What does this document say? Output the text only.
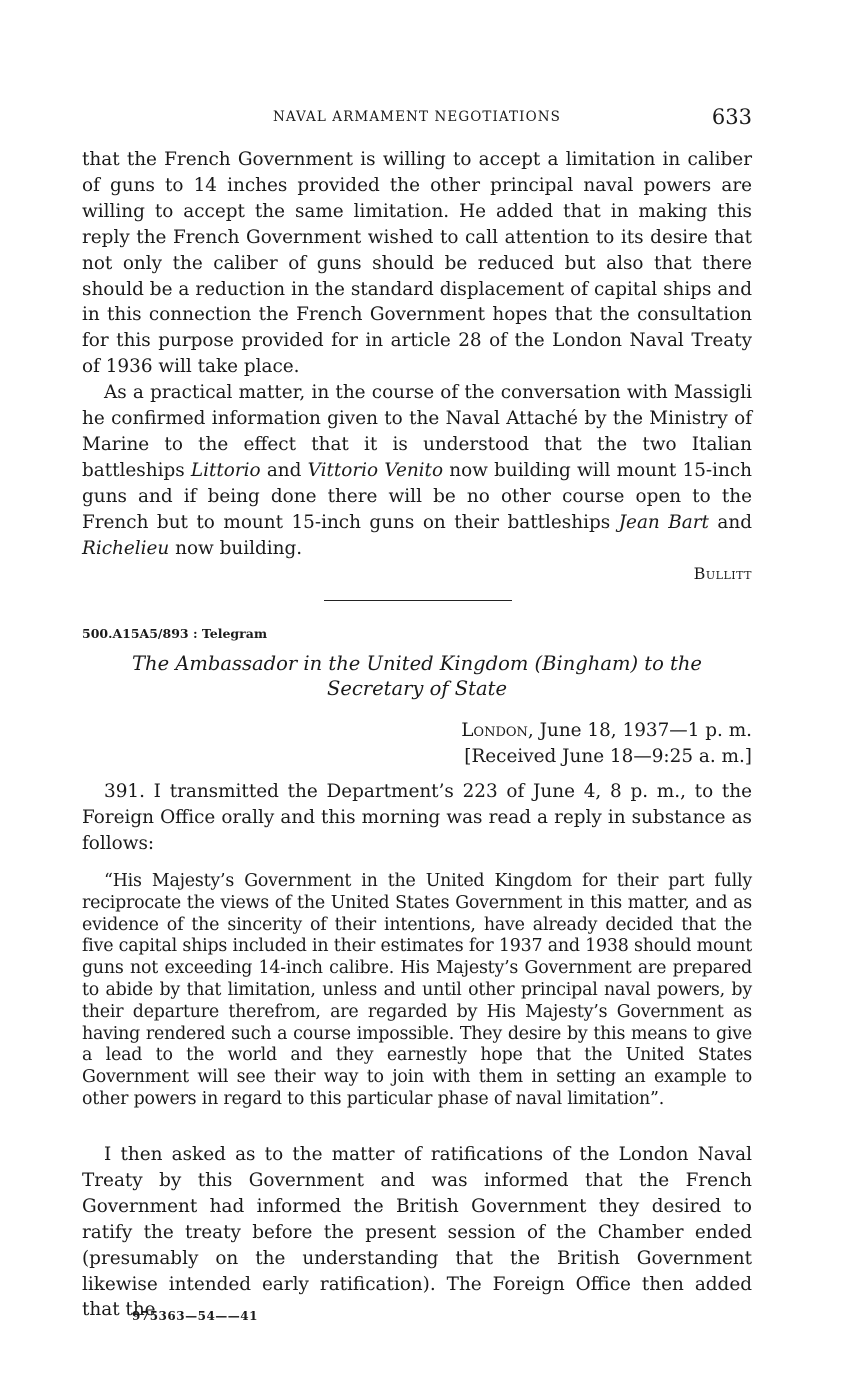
NAVAL ARMAMENT NEGOTIATIONS	633

that the French Government is willing to accept a limitation in caliber of guns to 14 inches provided the other principal naval powers are willing to accept the same limitation. He added that in making this reply the French Government wished to call attention to its desire that not only the caliber of guns should be reduced but also that there should be a reduction in the standard displacement of capital ships and in this connection the French Government hopes that the consultation for this purpose provided for in article 28 of the London Naval Treaty of 1936 will take place.

As a practical matter, in the course of the conversation with Massigli he confirmed information given to the Naval Attaché by the Ministry of Marine to the effect that it is understood that the two Italian battleships Littorio and Vittorio Venito now building will mount 15-inch guns and if being done there will be no other course open to the French but to mount 15-inch guns on their battleships Jean Bart and Richelieu now building.

Bullitt
500.A15A5/893 : Telegram
The Ambassador in the United Kingdom (Bingham) to the Secretary of State
London, June 18, 1937—1 p. m.
[Received June 18—9:25 a. m.]

391. I transmitted the Department’s 223 of June 4, 8 p. m., to the Foreign Office orally and this morning was read a reply in substance as follows:

“His Majesty’s Government in the United Kingdom for their part fully reciprocate the views of the United States Government in this matter, and as evidence of the sincerity of their intentions, have already decided that the five capital ships included in their estimates for 1937 and 1938 should mount guns not exceeding 14-inch calibre. His Majesty’s Government are prepared to abide by that limitation, unless and until other principal naval powers, by their departure therefrom, are regarded by His Majesty’s Government as having rendered such a course impossible. They desire by this means to give a lead to the world and they earnestly hope that the United States Government will see their way to join with them in setting an example to other powers in regard to this particular phase of naval limitation”.

I then asked as to the matter of ratifications of the London Naval Treaty by this Government and was informed that the French Government had informed the British Government they desired to ratify the treaty before the present session of the Chamber ended (presumably on the understanding that the British Government likewise intended early ratification). The Foreign Office then added that the

975363—54——41
